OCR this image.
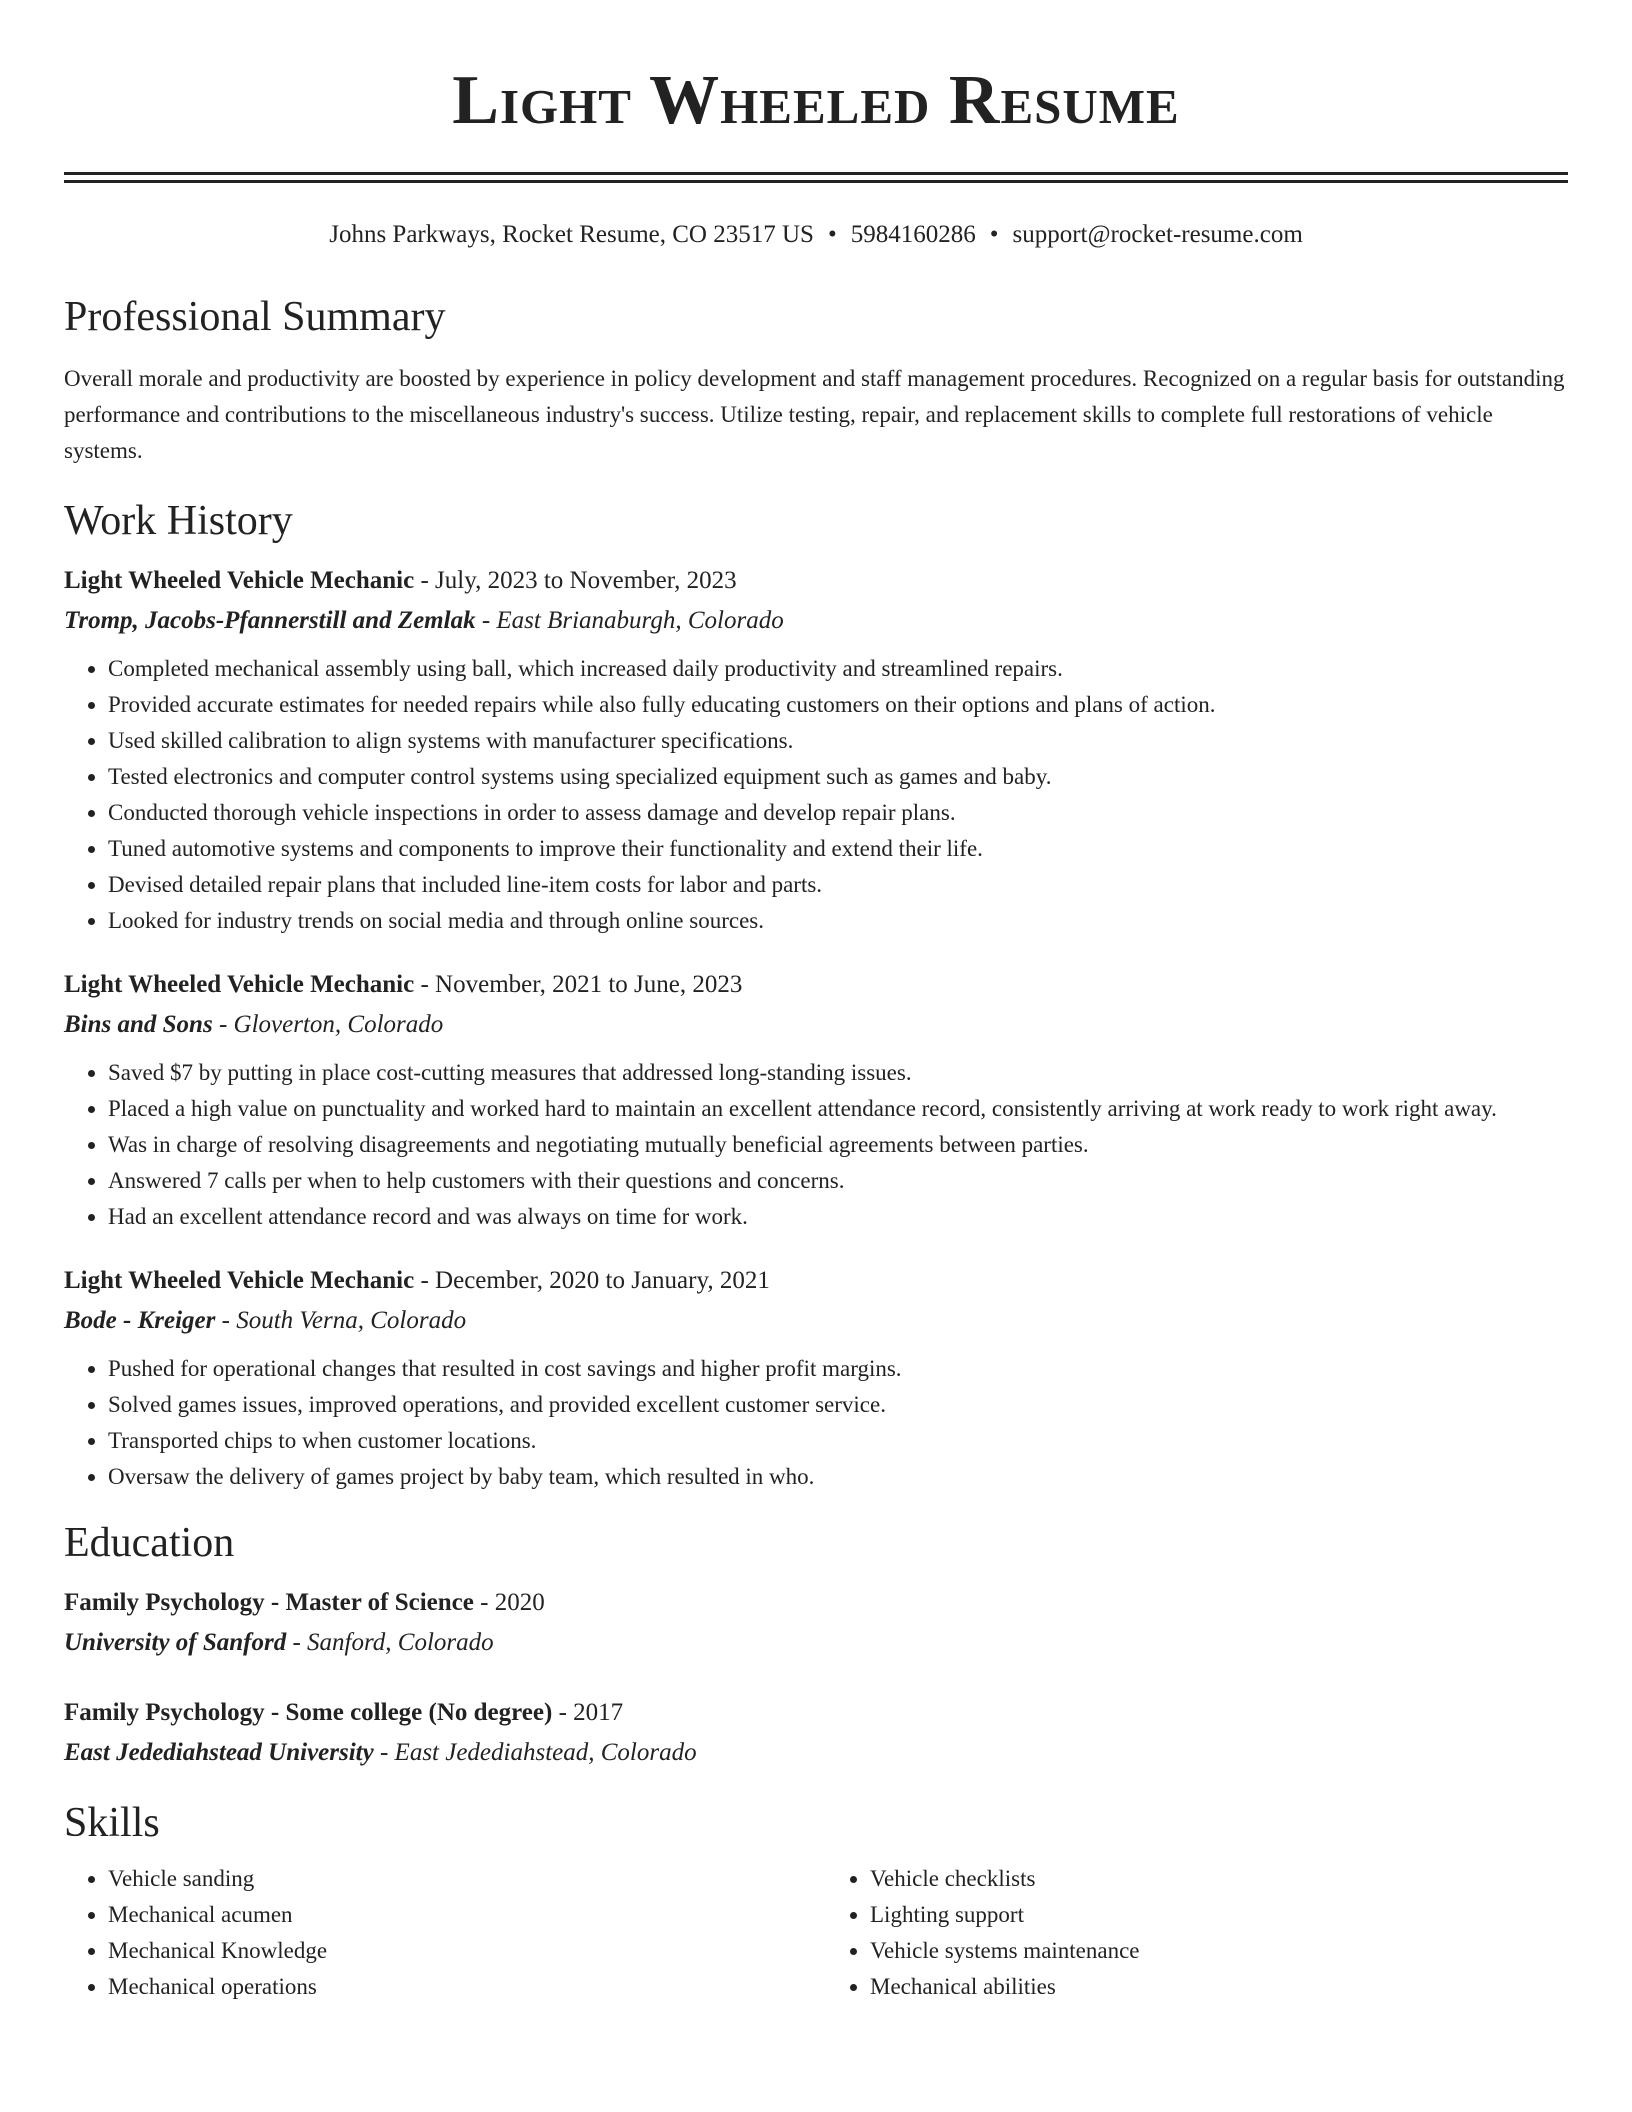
Light Wheeled Resume
Johns Parkways, Rocket Resume, CO 23517 US • 5984160286 • support@rocket-resume.com
Professional Summary
Overall morale and productivity are boosted by experience in policy development and staff management procedures. Recognized on a regular basis for outstanding performance and contributions to the miscellaneous industry's success. Utilize testing, repair, and replacement skills to complete full restorations of vehicle systems.
Work History
Light Wheeled Vehicle Mechanic - July, 2023 to November, 2023
Tromp, Jacobs-Pfannerstill and Zemlak - East Brianaburgh, Colorado
• Completed mechanical assembly using ball, which increased daily productivity and streamlined repairs.
• Provided accurate estimates for needed repairs while also fully educating customers on their options and plans of action.
• Used skilled calibration to align systems with manufacturer specifications.
• Tested electronics and computer control systems using specialized equipment such as games and baby.
• Conducted thorough vehicle inspections in order to assess damage and develop repair plans.
• Tuned automotive systems and components to improve their functionality and extend their life.
• Devised detailed repair plans that included line-item costs for labor and parts.
• Looked for industry trends on social media and through online sources.
Light Wheeled Vehicle Mechanic - November, 2021 to June, 2023
Bins and Sons - Gloverton, Colorado
• Saved $7 by putting in place cost-cutting measures that addressed long-standing issues.
• Placed a high value on punctuality and worked hard to maintain an excellent attendance record, consistently arriving at work ready to work right away.
• Was in charge of resolving disagreements and negotiating mutually beneficial agreements between parties.
• Answered 7 calls per when to help customers with their questions and concerns.
• Had an excellent attendance record and was always on time for work.
Light Wheeled Vehicle Mechanic - December, 2020 to January, 2021
Bode - Kreiger - South Verna, Colorado
• Pushed for operational changes that resulted in cost savings and higher profit margins.
• Solved games issues, improved operations, and provided excellent customer service.
• Transported chips to when customer locations.
• Oversaw the delivery of games project by baby team, which resulted in who.
Education
Family Psychology - Master of Science - 2020
University of Sanford - Sanford, Colorado
Family Psychology - Some college (No degree) - 2017
East Jedediahstead University - East Jedediahstead, Colorado
Skills
• Vehicle sanding
• Mechanical acumen
• Mechanical Knowledge
• Mechanical operations
• Vehicle checklists
• Lighting support
• Vehicle systems maintenance
• Mechanical abilities
